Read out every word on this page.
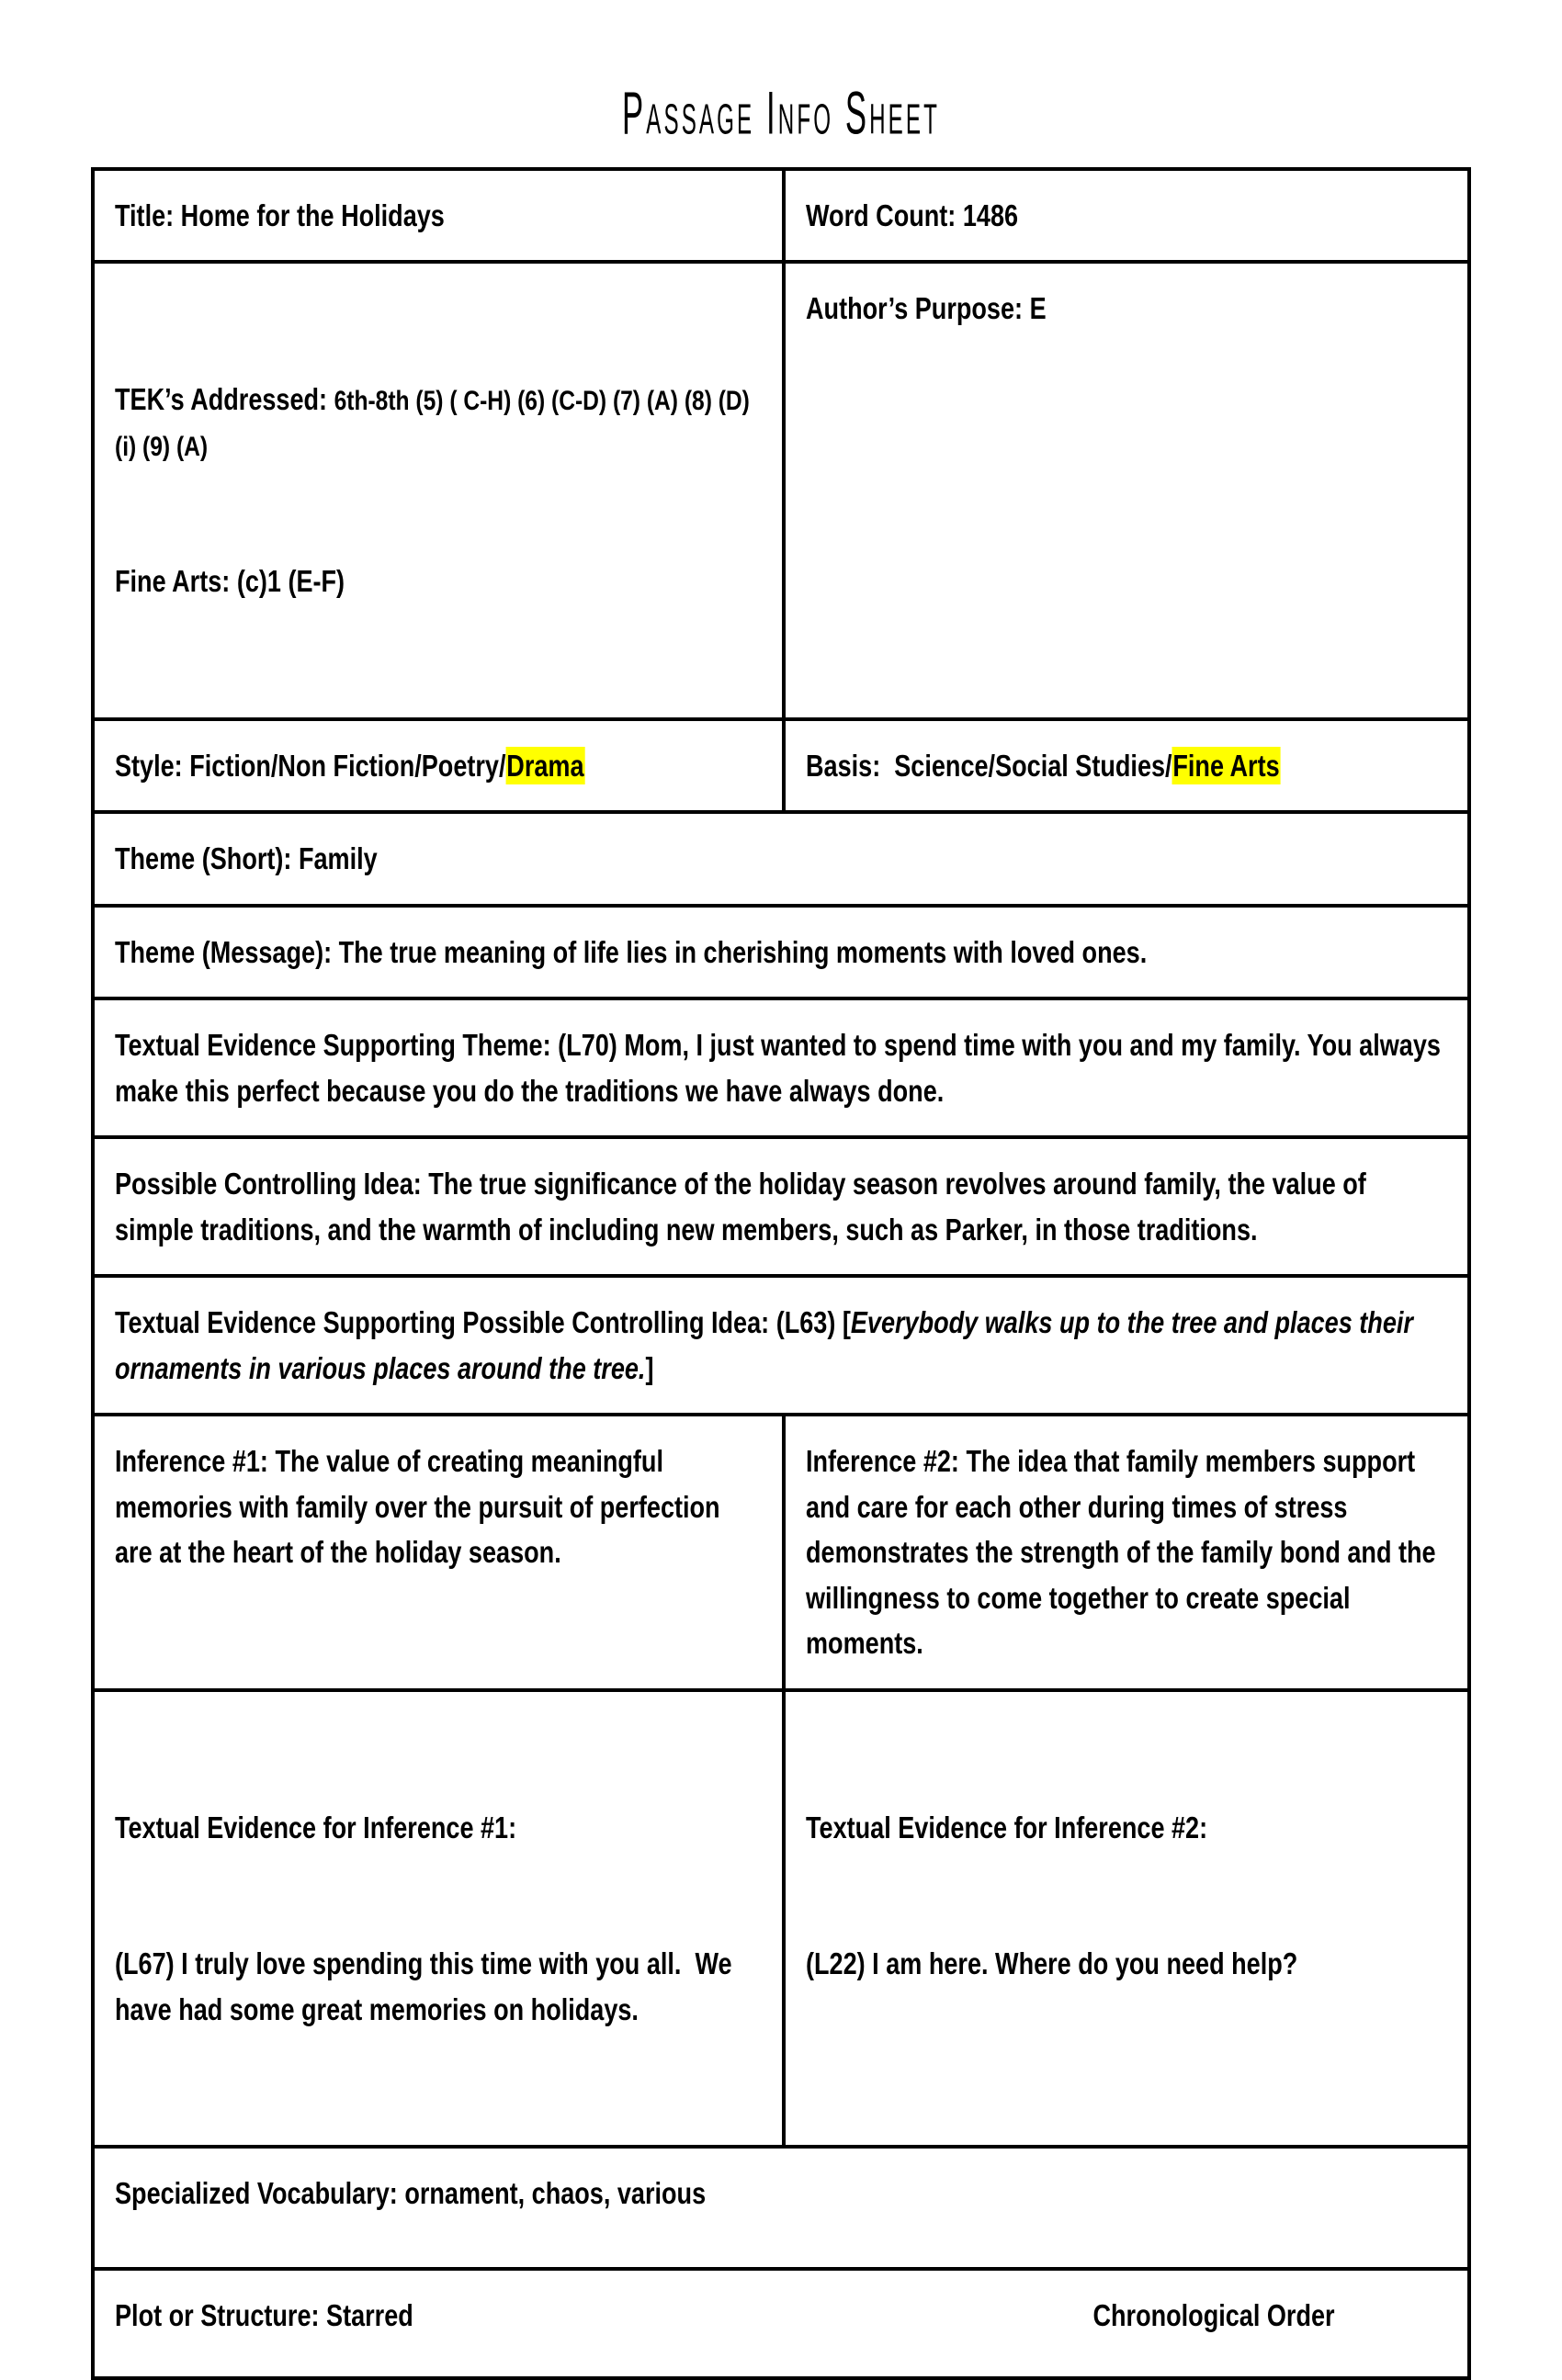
Passage Info Sheet
Title: Home for the Holidays	Word Count: 1486

TEK’s Addressed: 6th-8th (5) ( C-H) (6) (C-D) (7) (A) (8) (D) (i) (9) (A)

Fine Arts: (c)1 (E-F)

Author’s Purpose: E
Style: Fiction/Non Fiction/Poetry/Drama	Basis:  Science/Social Studies/Fine Arts
Theme (Short): Family
Theme (Message): The true meaning of life lies in cherishing moments with loved ones.
Textual Evidence Supporting Theme: (L70) Mom, I just wanted to spend time with you and my family. You always make this perfect because you do the traditions we have always done.
Possible Controlling Idea: The true significance of the holiday season revolves around family, the value of simple traditions, and the warmth of including new members, such as Parker, in those traditions.
Textual Evidence Supporting Possible Controlling Idea: (L63) [Everybody walks up to the tree and places their ornaments in various places around the tree.]
Inference #1: The value of creating meaningful memories with family over the pursuit of perfection are at the heart of the holiday season.
Inference #2: The idea that family members support and care for each other during times of stress demonstrates the strength of the family bond and the willingness to come together to create special moments.

Textual Evidence for Inference #1:

(L67) I truly love spending this time with you all.  We have had some great memories on holidays.

Textual Evidence for Inference #2:

(L22) I am here. Where do you need help?

Specialized Vocabulary: ornament, chaos, various
Plot or Structure: Starred	Chronological Order
